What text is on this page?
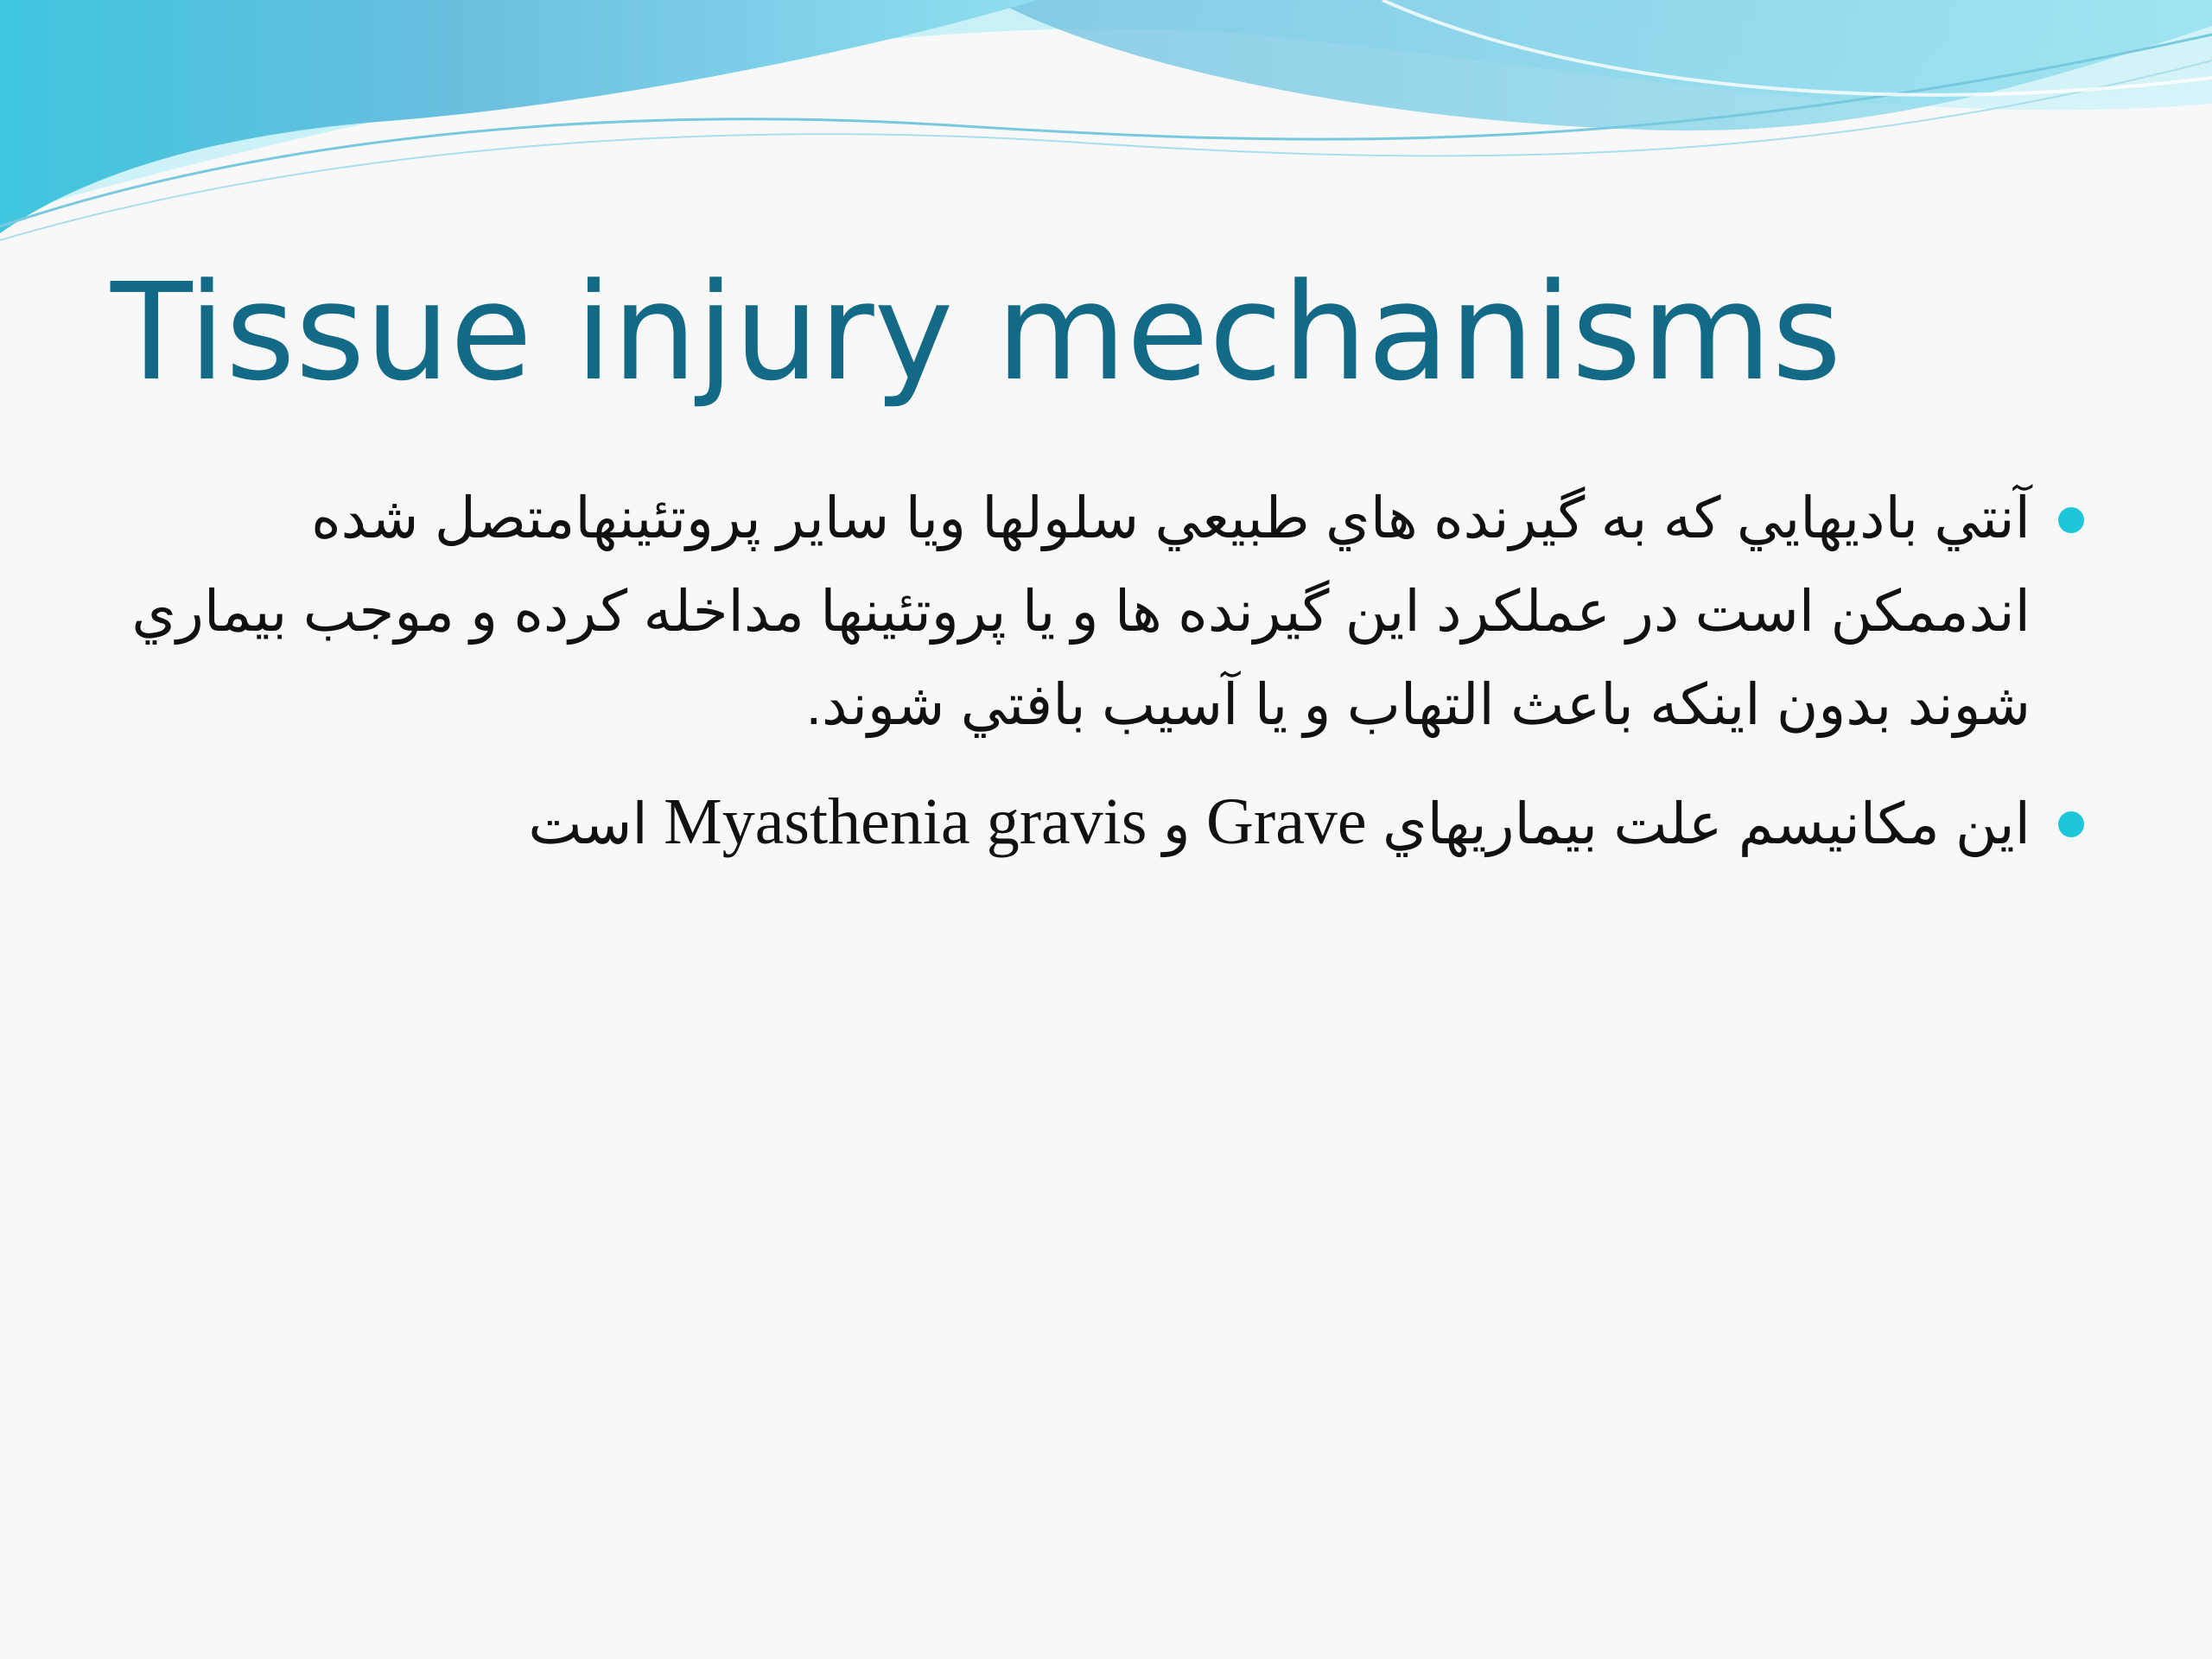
Tissue injury mechanisms

آنتي باديهايي که به گيرنده هاي طبيعي سلولها ويا ساير پروتئينهامتصل شده اندممکن است در عملکرد اين گيرنده ها و يا پروتئينها مداخله کرده و موجب بيماري شوند بدون اينکه باعث التهاب و يا آسيب بافتي شوند.

اين مکانيسم علت بيماريهاي Grave و Myasthenia gravis است
